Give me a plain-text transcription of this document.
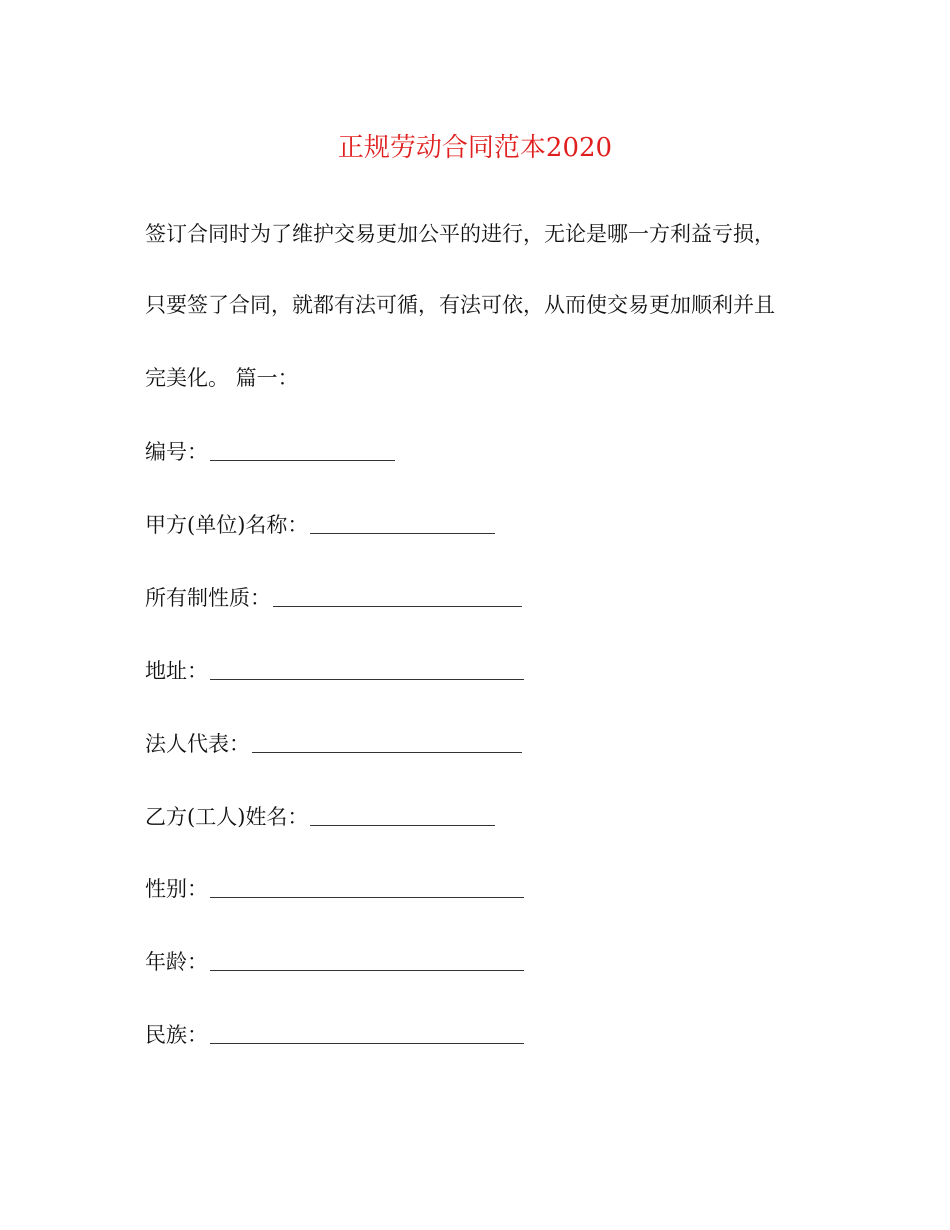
正规劳动合同范本2020
签订合同时为了维护交易更加公平的进行，无论是哪一方利益亏损，
只要签了合同，就都有法可循，有法可依，从而使交易更加顺利并且
完美化。 篇一：
编号：
甲方(单位)名称：
所有制性质：
地址：
法人代表：
乙方(工人)姓名：
性别：
年龄：
民族：
